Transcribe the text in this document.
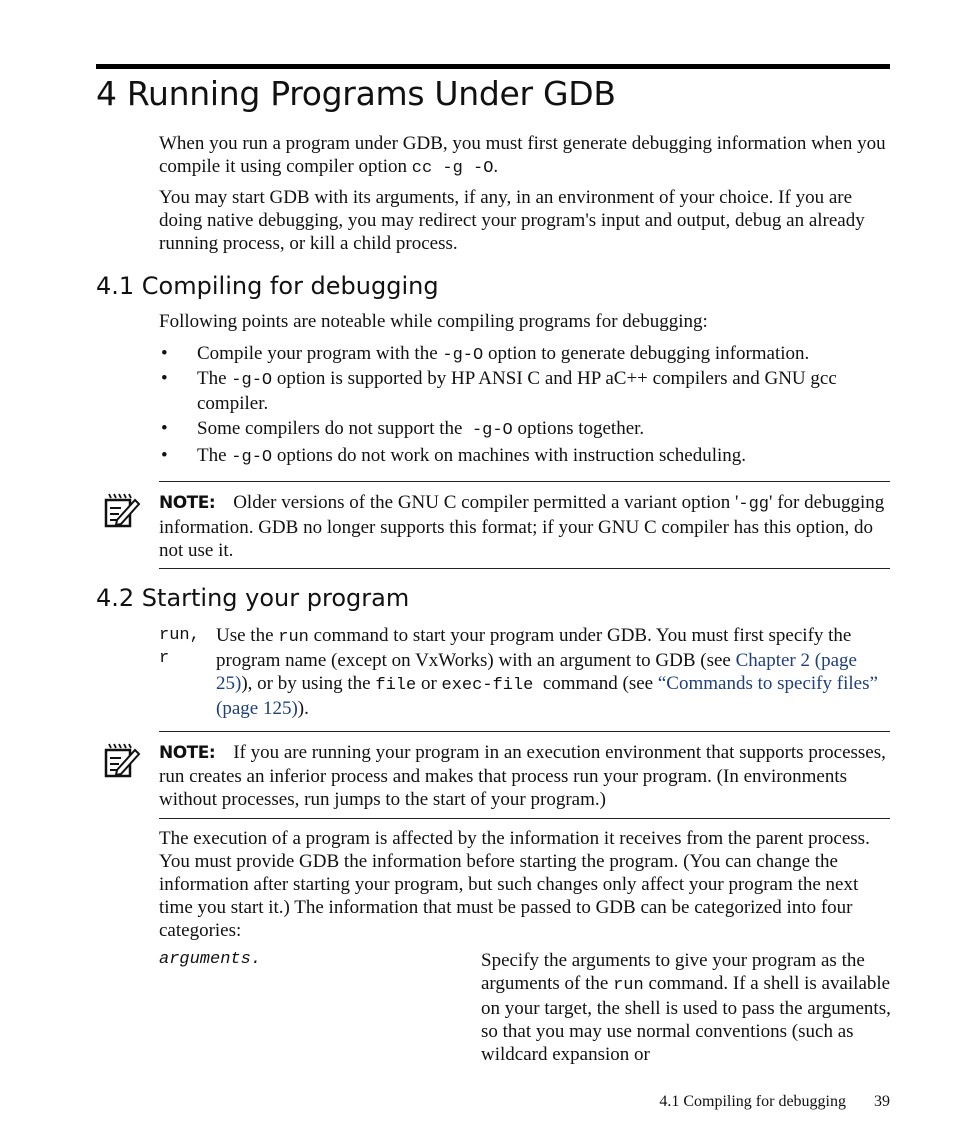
4 Running Programs Under GDB
When you run a program under GDB, you must first generate debugging information when you compile it using compiler option cc -g -O.
You may start GDB with its arguments, if any, in an environment of your choice. If you are doing native debugging, you may redirect your program's input and output, debug an already running process, or kill a child process.
4.1 Compiling for debugging
Following points are noteable while compiling programs for debugging:
• Compile your program with the -g-O option to generate debugging information.
• The -g-O option is supported by HP ANSI C and HP aC++ compilers and GNU gcc compiler.
• Some compilers do not support the  -g-O options together.
• The -g-O options do not work on machines with instruction scheduling.
NOTE: Older versions of the GNU C compiler permitted a variant option '-gg' for debugging information. GDB no longer supports this format; if your GNU C compiler has this option, do not use it.
4.2 Starting your program
run,
r
Use the run command to start your program under GDB. You must first specify the program name (except on VxWorks) with an argument to GDB (see Chapter 2 (page 25)), or by using the file or exec-file  command (see “Commands to specify files” (page 125)).
NOTE: If you are running your program in an execution environment that supports processes, run creates an inferior process and makes that process run your program. (In environments without processes, run jumps to the start of your program.)
The execution of a program is affected by the information it receives from the parent process. You must provide GDB the information before starting the program. (You can change the information after starting your program, but such changes only affect your program the next time you start it.) The information that must be passed to GDB can be categorized into four categories:
arguments.	Specify the arguments to give your program as the arguments of the run command. If a shell is available on your target, the shell is used to pass the arguments, so that you may use normal conventions (such as wildcard expansion or
4.1 Compiling for debugging 39
